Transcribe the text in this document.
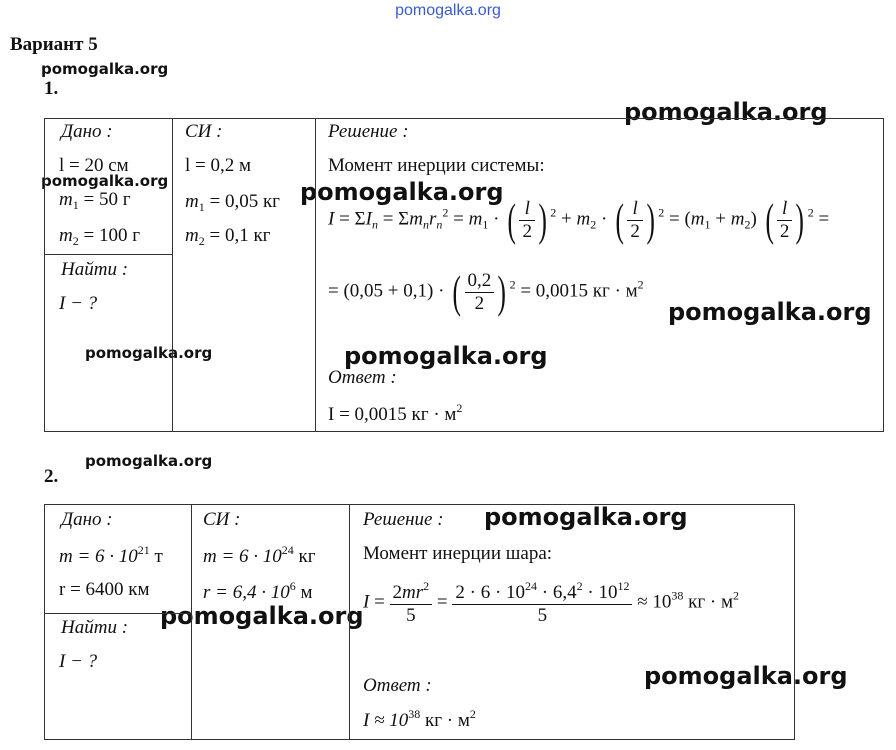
pomogalka.org
Вариант 5
pomogalka.org
pomogalka.org
pomogalka.org	pomogalka.org
pomogalka.org
pomogalka.org	pomogalka.org
pomogalka.org
pomogalka.org
pomogalka.org
pomogalka.org
1.
Дано :
l = 20 см
$m_1 = 50$ г
$m_2 = 100$ г
Найти :
I − ?
СИ :
l = 0,2 м
$m_1 = 0,05$ кг
$m_2 = 0,1$ кг
Решение :
Момент инерции системы:
$I = \Sigma I_n = \Sigma m_nr_n^2 = m_1$ · ( $\frac{l}{2}$ ) $^2 + m_2$ · ( $\frac{l}{2}$ ) $^2 = (m_1 + m_2)$ ( $\frac{l}{2}$ ) $^2$ =
= (0,05 + 0,1) · ( $\frac{0,2}{2}$ ) $^2$ = 0,0015 кг · $м^2$
Ответ :
I = 0,0015 кг · $м^2$
2.
Дано :
$m = 6 \cdot 10^{21}$ т
r = 6400 км
Найти :
I − ?
СИ :
$m = 6 \cdot 10^{24}$ кг
$r = 6,4 \cdot 10^6$ м
Решение :
Момент инерции шара:
$I = \frac{2mr^2}{5} = \frac{2 \cdot 6 \cdot 10^{24} \cdot 6,4^2 \cdot 10^{12}}{5} \approx 10^{38}$ кг · $м^2$
Ответ :
$I \approx 10^{38}$ кг · $м^2$
